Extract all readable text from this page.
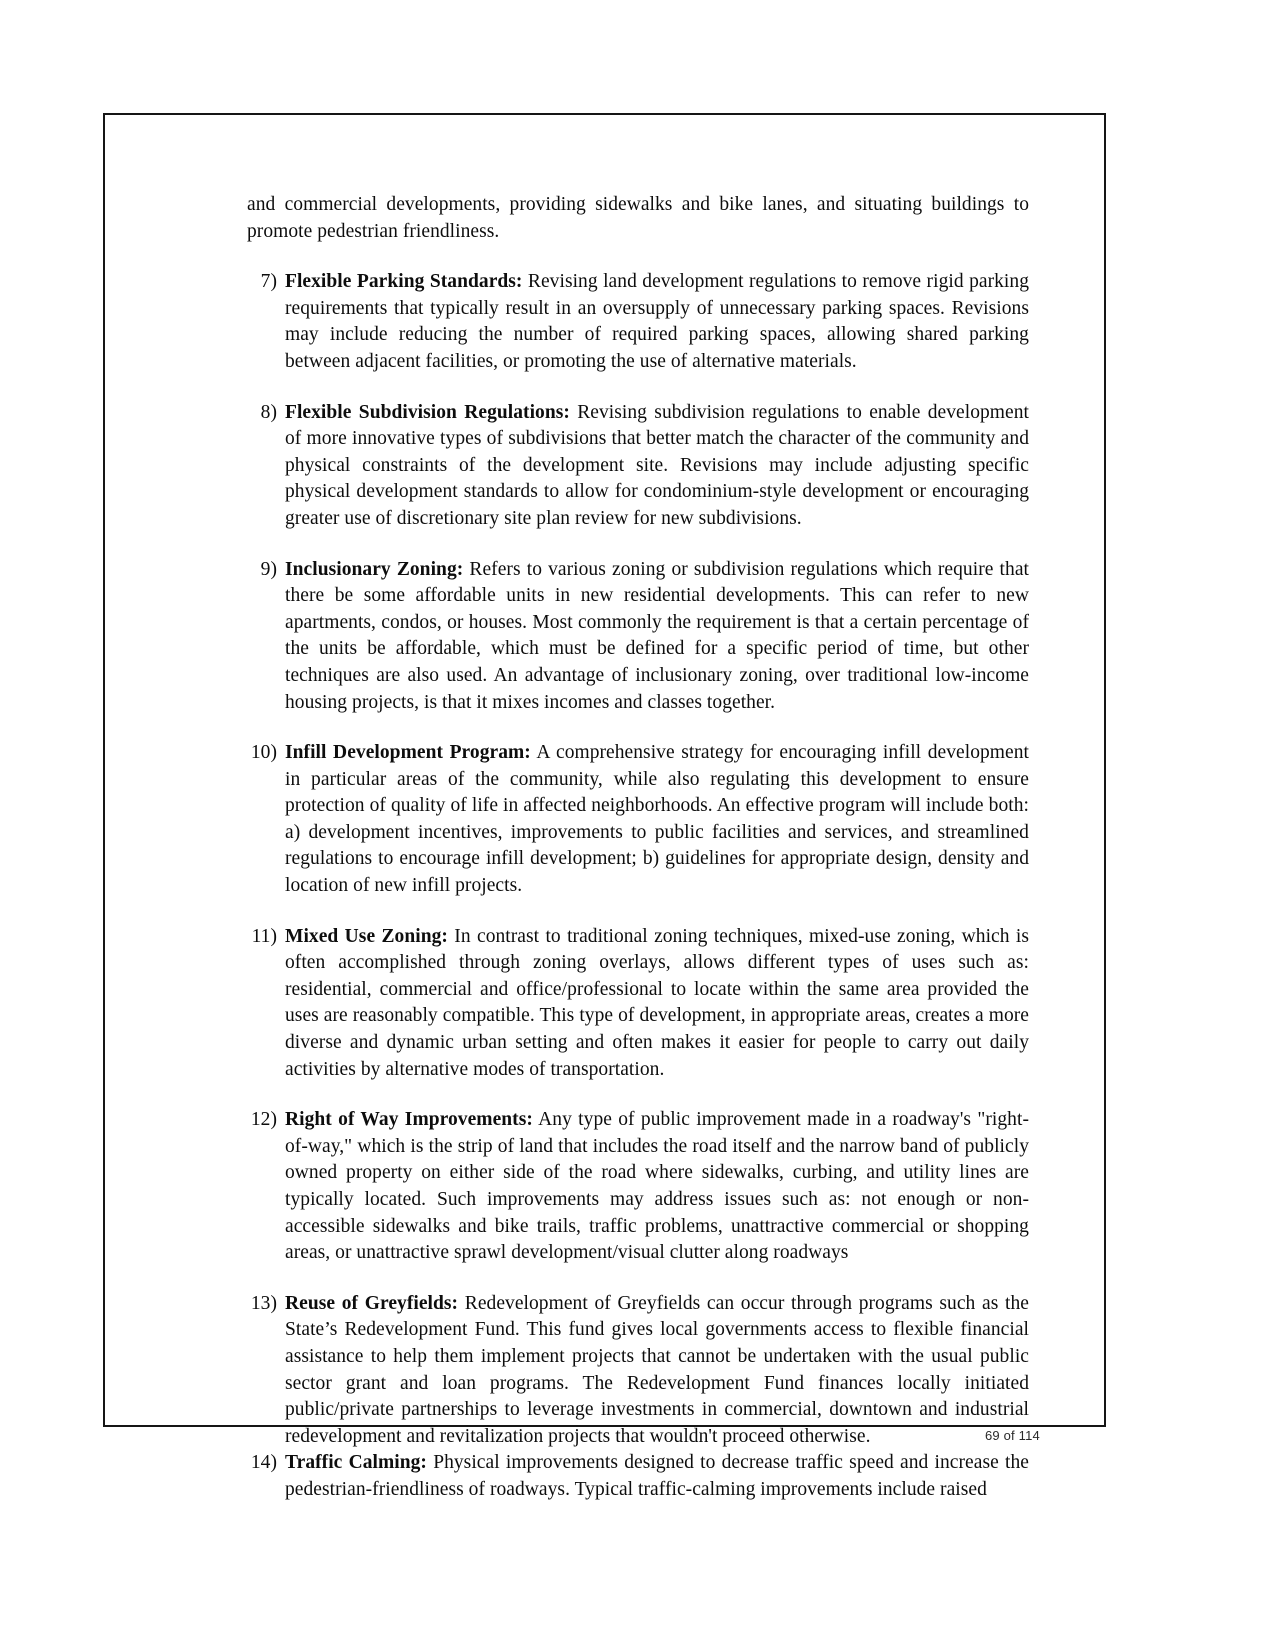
and commercial developments, providing sidewalks and bike lanes, and situating buildings to promote pedestrian friendliness.

7) Flexible Parking Standards: Revising land development regulations to remove rigid parking requirements that typically result in an oversupply of unnecessary parking spaces. Revisions may include reducing the number of required parking spaces, allowing shared parking between adjacent facilities, or promoting the use of alternative materials.
8) Flexible Subdivision Regulations: Revising subdivision regulations to enable development of more innovative types of subdivisions that better match the character of the community and physical constraints of the development site. Revisions may include adjusting specific physical development standards to allow for condominium-style development or encouraging greater use of discretionary site plan review for new subdivisions.
9) Inclusionary Zoning: Refers to various zoning or subdivision regulations which require that there be some affordable units in new residential developments. This can refer to new apartments, condos, or houses. Most commonly the requirement is that a certain percentage of the units be affordable, which must be defined for a specific period of time, but other techniques are also used. An advantage of inclusionary zoning, over traditional low-income housing projects, is that it mixes incomes and classes together.
10) Infill Development Program: A comprehensive strategy for encouraging infill development in particular areas of the community, while also regulating this development to ensure protection of quality of life in affected neighborhoods. An effective program will include both: a) development incentives, improvements to public facilities and services, and streamlined regulations to encourage infill development; b) guidelines for appropriate design, density and location of new infill projects.
11) Mixed Use Zoning: In contrast to traditional zoning techniques, mixed-use zoning, which is often accomplished through zoning overlays, allows different types of uses such as: residential, commercial and office/professional to locate within the same area provided the uses are reasonably compatible. This type of development, in appropriate areas, creates a more diverse and dynamic urban setting and often makes it easier for people to carry out daily activities by alternative modes of transportation.
12) Right of Way Improvements: Any type of public improvement made in a roadway's "right-of-way," which is the strip of land that includes the road itself and the narrow band of publicly owned property on either side of the road where sidewalks, curbing, and utility lines are typically located. Such improvements may address issues such as: not enough or non-accessible sidewalks and bike trails, traffic problems, unattractive commercial or shopping areas, or unattractive sprawl development/visual clutter along roadways
13) Reuse of Greyfields: Redevelopment of Greyfields can occur through programs such as the State’s Redevelopment Fund. This fund gives local governments access to flexible financial assistance to help them implement projects that cannot be undertaken with the usual public sector grant and loan programs. The Redevelopment Fund finances locally initiated public/private partnerships to leverage investments in commercial, downtown and industrial redevelopment and revitalization projects that wouldn't proceed otherwise.
14) Traffic Calming: Physical improvements designed to decrease traffic speed and increase the pedestrian-friendliness of roadways. Typical traffic-calming improvements include raised
69 of 114
